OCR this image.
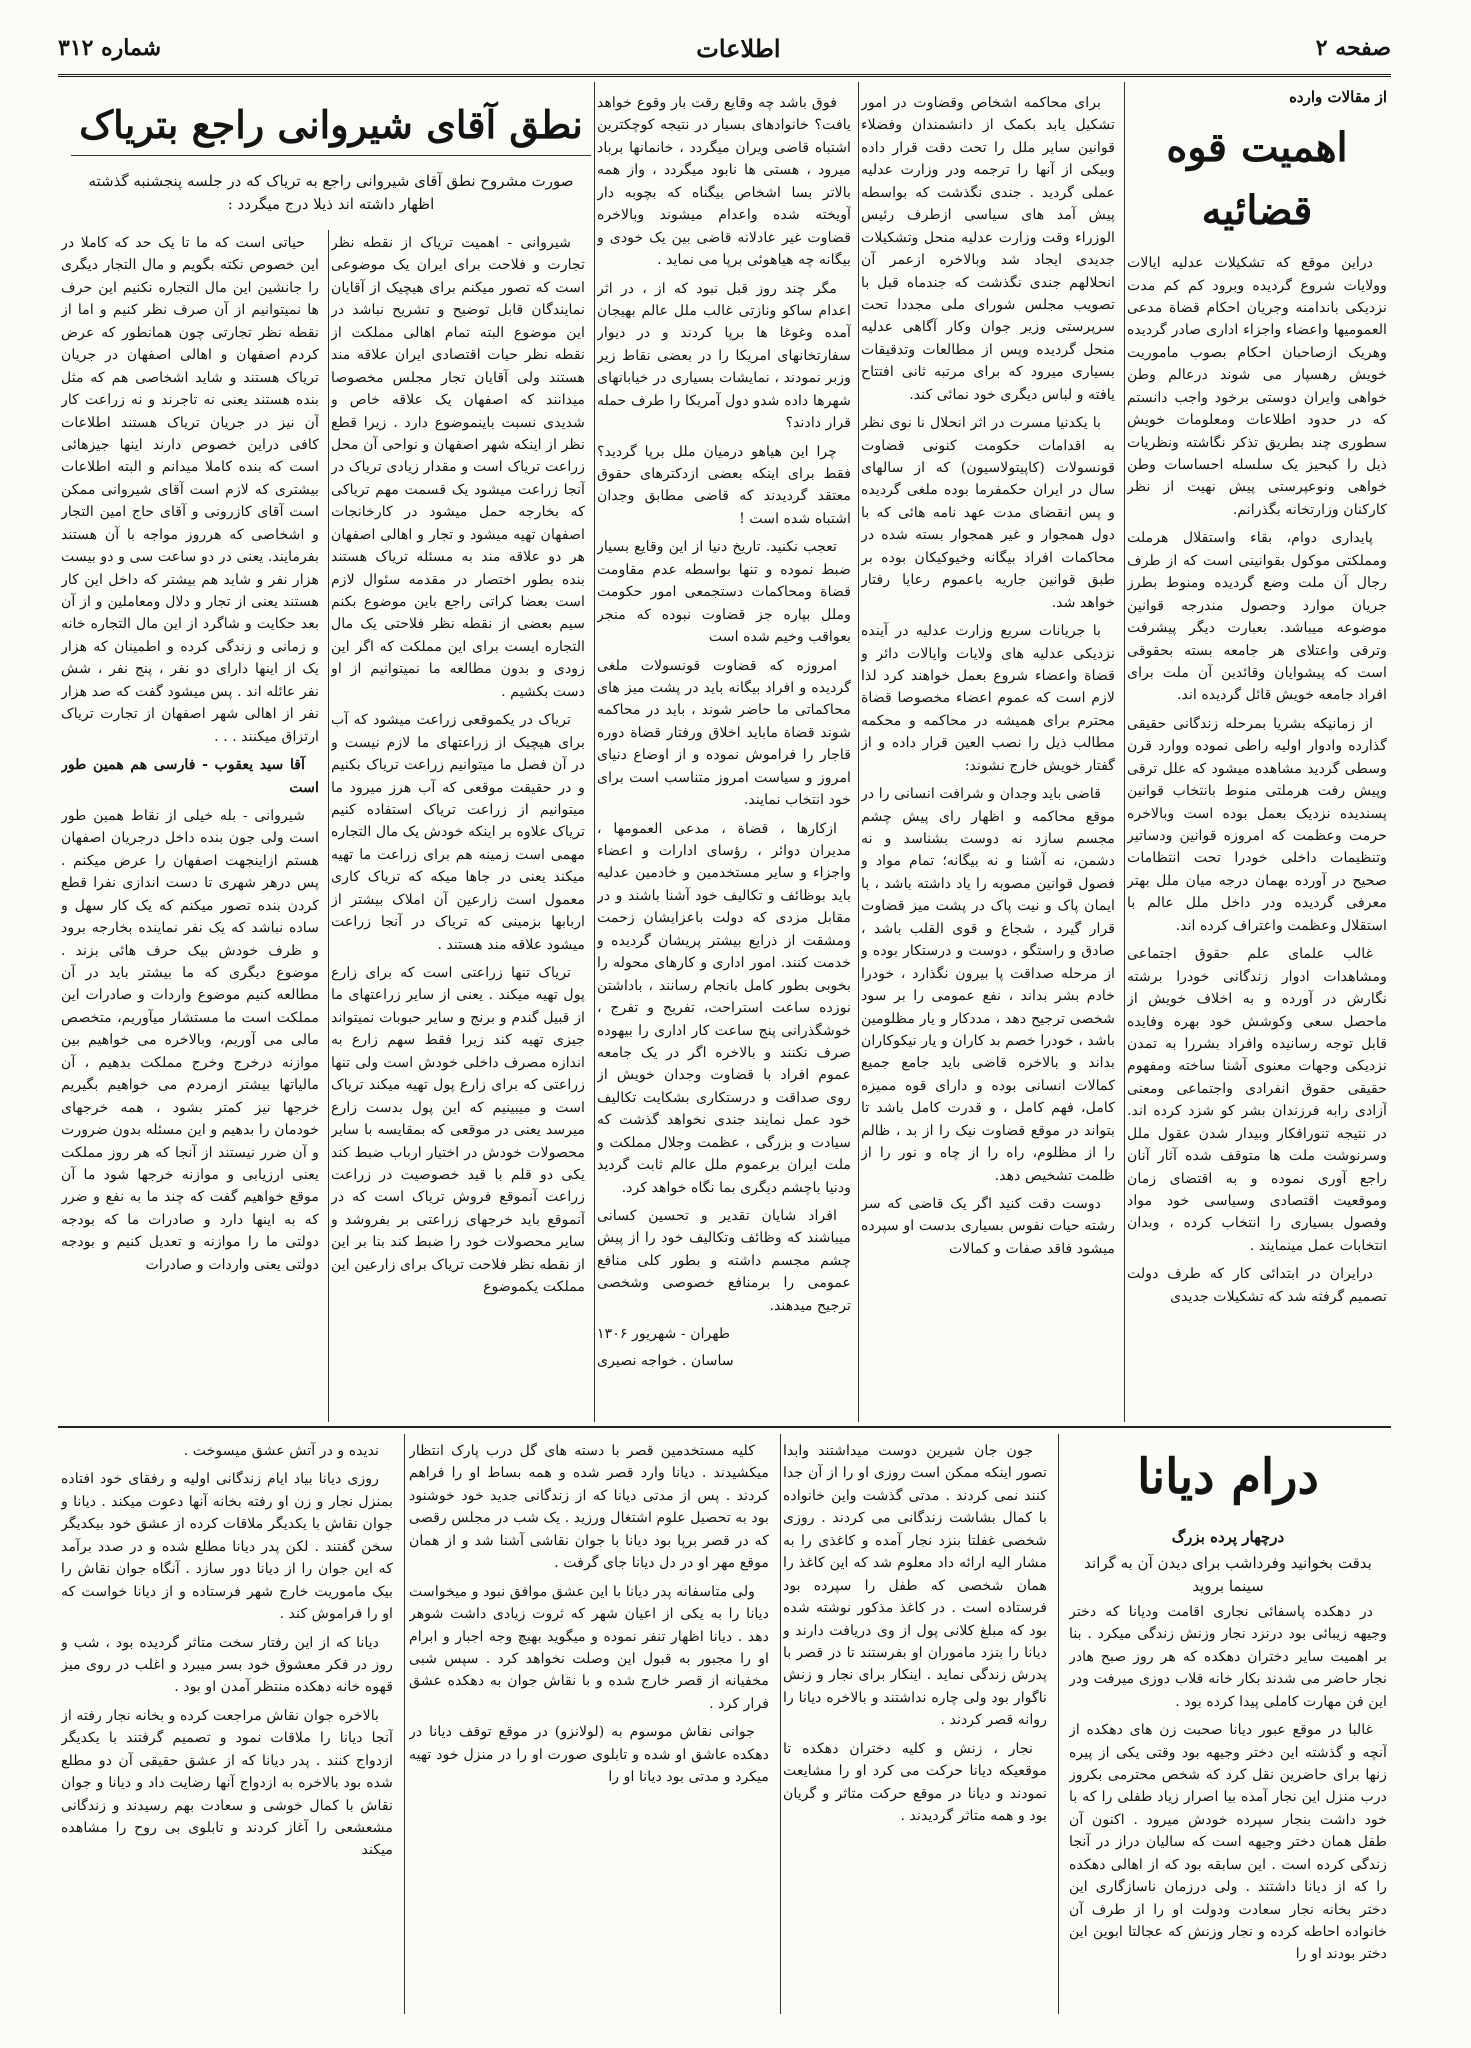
صفحه ۲
اطلاعات
شماره ۳۱۲
از مقالات وارده
اهمیت قوه قضائیه

دراین موقع که تشکیلات عدلیه ایالات وولایات شروع گردیده وبرود کم کم مدت نزدیکی باندامنه وجریان احکام قضاة مدعی العمومیها واعضاء واجزاء اداری صادر گردیده وهریک ازصاحبان احکام بصوب ماموریت خویش رهسپار می شوند درعالم وطن خواهی وایران دوستی برخود واجب دانستم که در حدود اطلاعات ومعلومات خویش سطوری چند بطریق تذکر نگاشته ونظریات ذیل را کبحیز یک سلسله احساسات وطن خواهی ونوعپرستی پیش نهیت از نظر کارکنان وزارتخانه بگذرانم.

پایداری دوام، بقاء واستقلال هرملت ومملکتی موکول بقوانینی است که از طرف رجال آن ملت وضع گردیده ومنوط بطرز جریان موارد وحصول مندرجه قوانین موضوعه میباشد. بعبارت دیگر پیشرفت وترقی واعتلای هر جامعه بسته بحقوقی است که پیشوایان وقائدین آن ملت برای افراد جامعه خویش قائل گردیده اند.

از زمانیکه بشریا بمرحله زندگانی حقیقی گذارده وادوار اولیه راطی نموده ووارد قرن وسطی گردید مشاهده میشود که علل ترقی وپیش رفت هرملتی منوط بانتخاب قوانین پسندیده نزدیک بعمل بوده است وبالاخره حرمت وعظمت که امروزه قوانین ودساتیر وتنظیمات داخلی خودرا تحت انتظامات صحیح در آورده بهمان درجه میان ملل بهتر معرفی گردیده ودر داخل ملل عالم با استقلال وعظمت واعتراف کرده اند.

غالب علمای علم حقوق اجتماعی ومشاهدات ادوار زندگانی خودرا برشته نگارش در آورده و به اخلاف خویش از ماحصل سعی وکوشش خود بهره وفایده قابل توجه رسانیده وافراد بشررا به تمدن نزدیکی وجهات معنوی آشنا ساخته ومفهوم حقیقی حقوق انفرادی واجتماعی ومعنی آزادی رابه فرزندان بشر کو شزد کرده اند. در نتیجه تنورافکار وبیدار شدن عقول ملل وسرنوشت ملت ها متوقف شده آثار آنان راجع آوری نموده و به اقتضای زمان وموقعیت اقتصادی وسیاسی خود مواد وفصول بسیاری را انتخاب کرده ، وبدان انتخابات عمل مینمایند .

درایران در ابتدائی کار که طرف دولت تصمیم گرفته شد که تشکیلات جدیدی

برای محاکمه اشخاص وقضاوت در امور تشکیل یابد بکمک از دانشمندان وفضلاء قوانین سایر ملل را تحت دقت قرار داده وبیکی از آنها را ترجمه ودر وزارت عدلیه عملی گردید . جندی نگذشت که بواسطه پیش آمد های سیاسی ازطرف رئیس الوزراء وقت وزارت عدلیه منحل وتشکیلات جدیدی ایجاد شد وبالاخره ازعمر آن انحلالهم جندی نگذشت که جندماه قبل با تصویب مجلس شورای ملی مجددا تحت سرپرستی وزیر جوان وکار آگاهی عدلیه منحل گردیده وپس از مطالعات وتدقیقات بسیاری میرود که برای مرتبه ثانی افتتاح یافته و لباس دیگری خود نمائی کند.

با یکدنیا مسرت در اثر انحلال نا نوی نظر به اقدامات حکومت کنونی قضاوت قونسولات (کاپیتولاسیون) که از سالهای سال در ایران حکمفرما بوده ملغی گردیده و پس انقضای مدت عهد نامه هائی که با دول همجوار و غیر همجوار بسته شده در محاکمات افراد بیگانه وخیوکیکان بوده بر طبق قوانین جاریه باعموم رعایا رفتار خواهد شد.

با جریانات سریع وزارت عدلیه در آینده نزدیکی عدلیه های ولایات وایالات دائر و قضاة واعضاء شروع بعمل خواهند کرد لذا لازم است که عموم اعضاء مخصوصا قضاة محترم برای همیشه در محاکمه و محکمه مطالب ذیل را نصب العین قرار داده و از گفتار خویش خارج نشوند:

قاضی باید وجدان و شرافت انسانی را در موقع محاکمه و اظهار رای پیش چشم مجسم سازد نه دوست بشناسد و نه دشمن، نه آشنا و نه بیگانه؛ تمام مواد و فصول قوانین مصوبه را یاد داشته باشد ، با ایمان پاک و نیت پاک در پشت میز قضاوت قرار گیرد ، شجاع و قوی القلب باشد ، صادق و راستگو ، دوست و درستکار بوده و از مرحله صداقت پا بیرون نگذارد ، خودرا خادم بشر بداند ، نفع عمومی را بر سود شخصی ترجیح دهد ، مددکار و یار مظلومین باشد ، خودرا خصم بد کاران و یار نیکوکاران بداند و بالاخره قاضی باید جامع جمیع کمالات انسانی بوده و دارای قوه ممیزه کامل، فهم کامل ، و قدرت کامل باشد تا بتواند در موقع قضاوت نیک را از بد ، ظالم را از مظلوم، راه را از چاه و نور را از ظلمت تشخیص دهد.

دوست دقت کنید اگر یک قاضی که سر رشته حیات نفوس بسیاری بدست او سپرده میشود فاقد صفات و کمالات

فوق باشد چه وقایع رقت بار وقوع خواهد یافت؟ خانوادهای بسیار در نتیجه کوچکترین اشتباه قاضی ویران میگردد ، خانمانها برباد میرود ، هستی ها نابود میگردد ، واز همه بالاتر بسا اشخاص بیگناه که بچوبه دار آویخته شده واعدام میشوند وبالاخره قضاوت غیر عادلانه قاضی بین یک خودی و بیگانه چه هیاهوئی برپا می نماید .

مگر چند روز قبل نبود که از ، در اثر اعدام ساکو ونازتی غالب ملل عالم بهیجان آمده وغوغا ها برپا کردند و در دیوار سفارتخانهای امریکا را در بعضی نقاط زیر وزبر نمودند ، نمایشات بسیاری در خیابانهای شهرها داده شدو دول آمریکا را طرف حمله قرار دادند؟

چرا این هیاهو درمیان ملل برپا گردید؟ فقط برای اینکه بعضی ازدکترهای حقوق معتقد گردیدند که قاضی مطابق وجدان اشتباه شده است !

تعجب نکنید. تاریخ دنیا از این وقایع بسیار ضبط نموده و تنها بواسطه عدم مقاومت قضاة ومحاکمات دستجمعی امور حکومت وملل بپاره جز قضاوت نبوده که منجر بعواقب وخیم شده است

امروزه که قضاوت قونسولات ملغی گردیده و افراد بیگانه باید در پشت میز های محاکماتی ما حاضر شوند ، باید در محاکمه شوند قضاة ماباید اخلاق ورفتار قضاة دوره قاجار را فراموش نموده و از اوضاع دنیای امروز و سیاست امروز متناسب است برای خود انتخاب نمایند.

ازکارها ، قضاة ، مدعی العمومها ، مدیران دوائر ، رؤسای ادارات و اعضاء واجزاء و سایر مستخدمین و خادمین عدلیه باید بوظائف و تکالیف خود آشنا باشند و در مقابل مزدی که دولت باعزایشان زحمت ومشقت از ذرایع بیشتر پریشان گردیده و خدمت کنند. امور اداری و کارهای محوله را بخوبی بطور کامل بانجام رسانند ، باداشتن نوزده ساعت استراحت، تفریح و تفرج ، خوشگذرانی پنج ساعت کار اداری را بیهوده صرف نکنند و بالاخره اگر در یک جامعه عموم افراد با قضاوت وجدان خویش از روی صداقت و درستکاری بشکایت تکالیف خود عمل نمایند جندی نخواهد گذشت که سیادت و بزرگی ، عظمت وجلال مملکت و ملت ایران برعموم ملل عالم ثابت گردید ودنیا باچشم دیگری بما نگاه خواهد کرد.

افراد شایان تقدیر و تحسین کسانی میباشند که وظائف وتکالیف خود را از پیش چشم مجسم داشته و بطور کلی منافع عمومی را برمنافع خصوصی وشخصی ترجیح میدهند.

طهران - شهریور ۱۳۰۶
ساسان . خواجه نصیری
نطق آقای شیروانی راجع بتریاک
صورت مشروح نطق آقای شیروانی راجع به تریاک که در جلسه پنجشنبه گذشته اظهار داشته اند ذیلا درج میگردد :

شیروانی - اهمیت تریاک از نقطه نظر تجارت و فلاحت برای ایران یک موضوعی است که تصور میکنم برای هیچیک از آقایان نمایندگان قابل توضیح و تشریح نباشد در این موضوع البته تمام اهالی مملکت از نقطه نظر حیات اقتصادی ایران علاقه مند هستند ولی آقایان تجار مجلس مخصوصا میدانند که اصفهان یک علاقه خاص و شدیدی نسبت باینموضوع دارد . زیرا قطع نظر از اینکه شهر اصفهان و نواحی آن محل زراعت تریاک است و مقدار زیادی تریاک در آنجا زراعت میشود یک قسمت مهم تریاکی که بخارجه حمل میشود در کارخانجات اصفهان تهیه میشود و تجار و اهالی اصفهان هر دو علاقه مند به مسئله تریاک هستند بنده بطور اختصار در مقدمه سئوال لازم است بعضا کراتی راجع باین موضوع بکنم سیم بعضی از نقطه نظر فلاحتی یک مال التجاره ایست برای این مملکت که اگر این زودی و بدون مطالعه ما نمیتوانیم از او دست بکشیم .

تریاک در یکموقعی زراعت میشود که آب برای هیچیک از زراعتهای ما لازم نیست و در آن فصل ما میتوانیم زراعت تریاک بکنیم و در حقیقت موقعی که آب هرز میرود ما میتوانیم از زراعت تریاک استفاده کنیم تریاک علاوه بر اینکه خودش یک مال التجاره مهمی است زمینه هم برای زراعت ما تهیه میکند یعنی در جاها میکه که تریاک کاری معمول است زارعین آن املاک بیشتر از اربابها بزمینی که تریاک در آنجا زراعت میشود علاقه مند هستند .

تریاک تنها زراعتی است که برای زارع پول تهیه میکند . یعنی از سایر زراعتهای ما از قبیل گندم و برنج و سایر حبوبات نمیتواند جیزی تهیه کند زیرا فقط سهم زارع به اندازه مصرف داخلی خودش است ولی تنها زراعتی که برای زارع پول تهیه میکند تریاک است و میبینیم که این پول بدست زارع میرسد یعنی در موقعی که بمقایسه با سایر محصولات خودش در اختیار ارباب ضبط کند یکی دو قلم با قید خصوصیت در زراعت زراعت آنموقع فروش تریاک است که در آنموقع باید خرجهای زراعتی بر بفروشد و سایر محصولات خود را ضبط کند بنا بر این از نقطه نظر فلاحت تریاک برای زارعین این مملکت یکموضوع

حیاتی است که ما تا یک حد که کاملا در این خصوص نکته بگویم و مال التجار دیگری را جانشین این مال التجاره نکنیم این حرف ها نمیتوانیم از آن صرف نظر کنیم و اما از نقطه نظر تجارتی چون همانطور که عرض کردم اصفهان و اهالی اصفهان در جریان تریاک هستند و شاید اشخاصی هم که مثل بنده هستند یعنی نه تاجرند و نه زراعت کار آن نیز در جریان تریاک هستند اطلاعات کافی دراین خصوص دارند اینها جیزهائی است که بنده کاملا میدانم و البته اطلاعات بیشتری که لازم است آقای شیروانی ممکن است آقای کازرونی و آقای حاج امین التجار و اشخاصی که هرروز مواجه با آن هستند بفرمایند. یعنی در دو ساعت سی و دو بیست هزار نفر و شاید هم بیشتر که داخل این کار هستند یعنی از تجار و دلال ومعاملین و از آن بعد حکایت و شاگرد از این مال التجاره خانه و زمانی و زندگی کرده و اطمینان که هزار یک از اینها دارای دو نفر ، پنج نفر ، شش نفر عائله اند . پس میشود گفت که صد هزار نفر از اهالی شهر اصفهان از تجارت تریاک ارتزاق میکنند . . .

آقا سید یعقوب - فارسی هم همین طور است

شیروانی - بله خیلی از نقاط همین طور است ولی جون بنده داخل درجریان اصفهان هستم ازاینجهت اصفهان را عرض میکنم . پس درهر شهری تا دست اندازی نفرا قطع کردن بنده تصور میکنم که یک کار سهل و ساده نباشد که یک نفر نماینده بخارجه برود و ظرف خودش بیک حرف هائی بزند . موضوع دیگری که ما بیشتر باید در آن مطالعه کنیم موضوع واردات و صادرات این مملکت است ما مستشار میآوریم، متخصص مالی می آوریم، وبالاخره می خواهیم بین موازنه درخرج وخرج مملکت بدهیم ، آن مالیاتها بیشتر ازمردم می خواهیم بگیریم خرجها نیز کمتر بشود ، همه خرجهای خودمان را بدهیم و این مسئله بدون ضرورت و آن ضرر نیستند از آنجا که هر روز مملکت یعنی ارزیابی و موازنه خرجها شود ما آن موقع خواهیم گفت که چند ما به نفع و ضرر که به اینها دارد و صادرات ما که بودجه دولتی ما را موازنه و تعدیل کنیم و بودجه دولتی یعنی واردات و صادرات

درام دیانا
درچهار پرده بزرگ
بدقت بخوانید وفرداشب برای دیدن آن به گراند سینما بروید

در دهکده پاسفائی نجاری اقامت ودیانا که دختر وجیهه زیبائی بود درنزد نجار وزنش زندگی میکرد . بنا بر اهمیت سایر دختران دهکده که هر روز صبح هادر نجار حاضر می شدند بکار خانه قلاب دوزی میرفت ودر این فن مهارت کاملی پیدا کرده بود .

غالبا در موقع عبور دیانا صحبت زن های دهکده از آنچه و گذشته این دختر وجیهه بود وقتی یکی از پیره زنها برای حاضرین نقل کرد که شخص محترمی بکروز درب منزل این نجار آمده بیا اصرار زیاد طفلی را که با خود داشت بنجار سپرده خودش میرود . اکنون آن طفل همان دختر وجیهه است که سالیان دراز در آنجا زندگی کرده است . این سابقه بود که از اهالی دهکده را که از دیانا داشتند . ولی درزمان ناسازگاری این دختر بخانه نجار سعادت ودولت او را از طرف آن خانواده احاطه کرده و نجار وزنش که عجالتا ابوین این دختر بودند او را

جون جان شیرین دوست میداشتند وابدا تصور اینکه ممکن است روزی او را از آن جدا کنند نمی کردند . مدتی گذشت واین خانواده با کمال بشاشت زندگانی می کردند . روزی شخصی غفلتا بنزد نجار آمده و کاغذی را به مشار الیه ارائه داد معلوم شد که این کاغذ را همان شخصی که طفل را سپرده بود فرستاده است . در کاغذ مذکور نوشته شده بود که مبلغ کلانی پول از وی دریافت دارند و دیانا را بنزد ماموران او بفرستند تا در قصر با پدرش زندگی نماید . اینکار برای نجار و زنش ناگوار بود ولی چاره نداشتند و بالاخره دیانا را روانه قصر کردند .

نجار ، زنش و کلیه دختران دهکده تا موقعیکه دیانا حرکت می کرد او را مشایعت نمودند و دیانا در موقع حرکت متاثر و گریان بود و همه متاثر گردیدند .

کلیه مستخدمین قصر با دسته های گل درب پارک انتظار میکشیدند . دیانا وارد قصر شده و همه بساط او را فراهم کردند . پس از مدتی دیانا که از زندگانی جدید خود خوشنود بود به تحصیل علوم اشتغال ورزید . یک شب در مجلس رقصی که در قصر برپا بود دیانا با جوان نقاشی آشنا شد و از همان موقع مهر او در دل دیانا جای گرفت .

ولی متاسفانه پدر دیانا با این عشق موافق نبود و میخواست دیانا را به یکی از اعیان شهر که ثروت زیادی داشت شوهر دهد . دیانا اظهار تنفر نموده و میگوید بهیچ وجه اجبار و ابرام او را مجبور به قبول این وصلت نخواهد کرد . سپس شبی مخفیانه از قصر خارج شده و با نقاش جوان به دهکده عشق فرار کرد .

جوانی نقاش موسوم به (لولانزو) در موقع توقف دیانا در دهکده عاشق او شده و تابلوی صورت او را در منزل خود تهیه میکرد و مدتی بود دیانا او را

ندیده و در آتش عشق میسوخت .

روزی دیانا بیاد ایام زندگانی اولیه و رفقای خود افتاده بمنزل نجار و زن او رفته بخانه آنها دعوت میکند . دیانا و جوان نقاش با یکدیگر ملاقات کرده از عشق خود بیکدیگر سخن گفتند . لکن پدر دیانا مطلع شده و در صدد برآمد که این جوان را از دیانا دور سازد . آنگاه جوان نقاش را بیک ماموریت خارج شهر فرستاده و از دیانا خواست که او را فراموش کند .

دیانا که از این رفتار سخت متاثر گردیده بود ، شب و روز در فکر معشوق خود بسر میبرد و اغلب در روی میز قهوه خانه دهکده منتظر آمدن او بود .

بالاخره جوان نقاش مراجعت کرده و بخانه نجار رفته از آنجا دیانا را ملاقات نمود و تصمیم گرفتند با یکدیگر ازدواج کنند . پدر دیانا که از عشق حقیقی آن دو مطلع شده بود بالاخره به ازدواج آنها رضایت داد و دیانا و جوان نقاش با کمال خوشی و سعادت بهم رسیدند و زندگانی مشعشعی را آغاز کردند و تابلوی بی روح را مشاهده میکند
